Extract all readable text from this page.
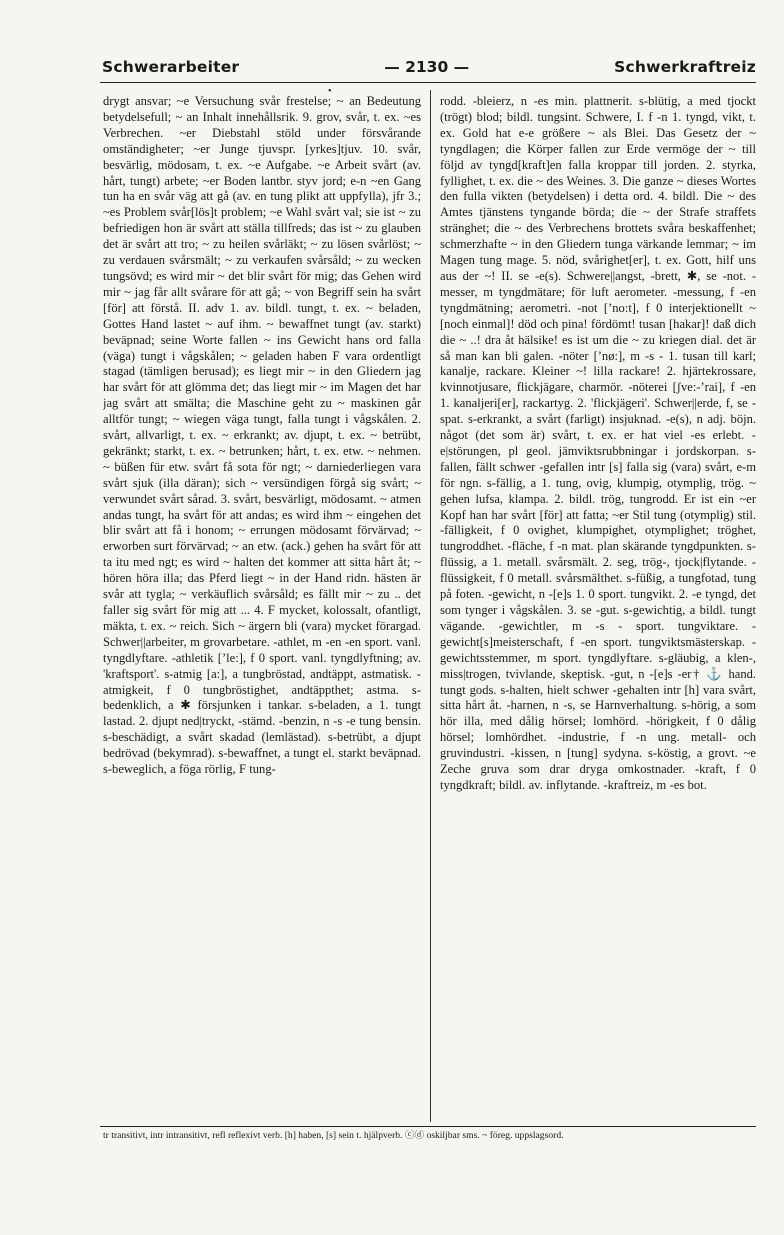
Schwerarbeiter	— 2130 —	Schwerkraftreiz
•
drygt ansvar; ~e Versuchung svår frestelse; ~ an Bedeutung betydelsefull; ~ an Inhalt innehållsrik. 9. grov, svår, t. ex. ~es Verbrechen. ~er Diebstahl stöld under försvårande omständigheter; ~er Junge tjuvspr. [yrkes]tjuv. 10. svår, besvärlig, mödosam, t. ex. ~e Aufgabe. ~e Arbeit svårt (av. hårt, tungt) arbete; ~er Boden lantbr. styv jord; e-n ~en Gang tun ha en svår väg att gå (av. en tung plikt att uppfylla), jfr 3.; ~es Problem svår[lös]t problem; ~e Wahl svårt val; sie ist ~ zu befriedigen hon är svårt att ställa tillfreds; das ist ~ zu glauben det är svårt att tro; ~ zu heilen svårläkt; ~ zu lösen svårlöst; ~ zu verdauen svårsmält; ~ zu verkaufen svårsåld; ~ zu wecken tungsövd; es wird mir ~ det blir svårt för mig; das Gehen wird mir ~ jag får allt svårare för att gå; ~ von Begriff sein ha svårt [för] att förstå. II. adv 1. av. bildl. tungt, t. ex. ~ beladen, Gottes Hand lastet ~ auf ihm. ~ bewaffnet tungt (av. starkt) beväpnad; seine Worte fallen ~ ins Gewicht hans ord falla (väga) tungt i vågskålen; ~ geladen haben F vara ordentligt stagad (tämligen berusad); es liegt mir ~ in den Gliedern jag har svårt för att glömma det; das liegt mir ~ im Magen det har jag svårt att smälta; die Maschine geht zu ~ maskinen går alltför tungt; ~ wiegen väga tungt, falla tungt i vågskålen. 2. svårt, allvarligt, t. ex. ~ erkrankt; av. djupt, t. ex. ~ betrübt, gekränkt; starkt, t. ex. ~ betrunken; hårt, t. ex. etw. ~ nehmen. ~ büßen für etw. svårt få sota för ngt; ~ darniederliegen vara svårt sjuk (illa däran); sich ~ versündigen förgå sig svårt; ~ verwundet svårt sårad. 3. svårt, besvärligt, mödosamt. ~ atmen andas tungt, ha svårt för att andas; es wird ihm ~ eingehen det blir svårt att få i honom; ~ errungen mödosamt förvärvad; ~ erworben surt förvärvad; ~ an etw. (ack.) gehen ha svårt för att ta itu med ngt; es wird ~ halten det kommer att sitta hårt åt; ~ hören höra illa; das Pferd liegt ~ in der Hand ridn. hästen är svår att tygla; ~ verkäuflich svårsåld; es fällt mir ~ zu .. det faller sig svårt för mig att ... 4. F mycket, kolossalt, ofantligt, mäkta, t. ex. ~ reich. Sich ~ ärgern bli (vara) mycket förargad. Schwer||arbeiter, m grovarbetare. -athlet, m -en -en sport. vanl. tyngdlyftare. -athletik [ʼle:], f 0 sport. vanl. tyngdlyftning; av. 'kraftsport'. s-atmig [a:], a tungbröstad, andtäppt, astmatisk. -atmigkeit, f 0 tungbröstighet, andtäppthet; astma. s-bedenklich, a ✱ försjunken i tankar. s-beladen, a 1. tungt lastad. 2. djupt ned|tryckt, -stämd. -benzin, n -s -e tung bensin. s-beschädigt, a svårt skadad (lemlästad). s-betrübt, a djupt bedrövad (bekymrad). s-bewaffnet, a tungt el. starkt beväpnad. s-beweglich, a föga rörlig, F tung-
rodd. -bleierz, n -es min. plattnerit. s-blütig, a med tjockt (trögt) blod; bildl. tungsint. Schwere, I. f -n 1. tyngd, vikt, t. ex. Gold hat e-e größere ~ als Blei. Das Gesetz der ~ tyngdlagen; die Körper fallen zur Erde vermöge der ~ till följd av tyngd[kraft]en falla kroppar till jorden. 2. styrka, fyllighet, t. ex. die ~ des Weines. 3. Die ganze ~ dieses Wortes den fulla vikten (betydelsen) i detta ord. 4. bildl. Die ~ des Amtes tjänstens tyngande börda; die ~ der Strafe straffets stränghet; die ~ des Verbrechens brottets svåra beskaffenhet; schmerzhafte ~ in den Gliedern tunga värkande lemmar; ~ im Magen tung mage. 5. nöd, svårighet[er], t. ex. Gott, hilf uns aus der ~! II. se -e(s). Schwere||angst, -brett, ✱, se -not. -messer, m tyngdmätare; för luft aerometer. -messung, f -en tyngdmätning; aerometri. -not [ʼno:t], f 0 interjektionellt ~ [noch einmal]! död och pina! fördömt! tusan [hakar]! daß dich die ~ ..! dra åt hälsike! es ist um die ~ zu kriegen dial. det är så man kan bli galen. -nöter [ʼnø:], m -s - 1. tusan till karl; kanalje, rackare. Kleiner ~! lilla rackare! 2. hjärtekrossare, kvinnotjusare, flickjägare, charmör. -nöterei [ʃve:-ʼrai], f -en 1. kanaljeri[er], rackartyg. 2. 'flickjägeri'. Schwer||erde, f, se -spat. s-erkrankt, a svårt (farligt) insjuknad. -e(s), n adj. böjn. något (det som är) svårt, t. ex. er hat viel -es erlebt. -e|störungen, pl geol. jämviktsrubbningar i jordskorpan. s-fallen, fällt schwer -gefallen intr [s] falla sig (vara) svårt, e-m för ngn. s-fällig, a 1. tung, ovig, klumpig, otymplig, trög. ~ gehen lufsa, klampa. 2. bildl. trög, tungrodd. Er ist ein ~er Kopf han har svårt [för] att fatta; ~er Stil tung (otymplig) stil. -fälligkeit, f 0 ovighet, klumpighet, otymplighet; tröghet, tungroddhet. -fläche, f -n mat. plan skärande tyngdpunkten. s-flüssig, a 1. metall. svårsmält. 2. seg, trög-, tjock|flytande. -flüssigkeit, f 0 metall. svårsmälthet. s-füßig, a tungfotad, tung på foten. -gewicht, n -[e]s 1. 0 sport. tungvikt. 2. -e tyngd, det som tynger i vågskålen. 3. se -gut. s-gewichtig, a bildl. tungt vägande. -gewichtler, m -s - sport. tungviktare. -gewicht[s]meisterschaft, f -en sport. tungviktsmästerskap. -gewichtsstemmer, m sport. tyngdlyftare. s-gläubig, a klen-, miss|trogen, tvivlande, skeptisk. -gut, n -[e]s -er† ⚓ hand. tungt gods. s-halten, hielt schwer -gehalten intr [h] vara svårt, sitta hårt åt. -harnen, n -s, se Harnverhaltung. s-hörig, a som hör illa, med dålig hörsel; lomhörd. -hörigkeit, f 0 dålig hörsel; lomhördhet. -industrie, f -n ung. metall- och gruvindustri. -kissen, n [tung] sydyna. s-köstig, a grovt. ~e Zeche gruva som drar dryga omkostnader. -kraft, f 0 tyngdkraft; bildl. av. inflytande. -kraftreiz, m -es bot.
tr transitivt, intr intransitivt, refl reflexivt verb. [h] haben, [s] sein t. hjälpverb. ⓒⓓ oskiljbar sms. ~ föreg. uppslagsord.
